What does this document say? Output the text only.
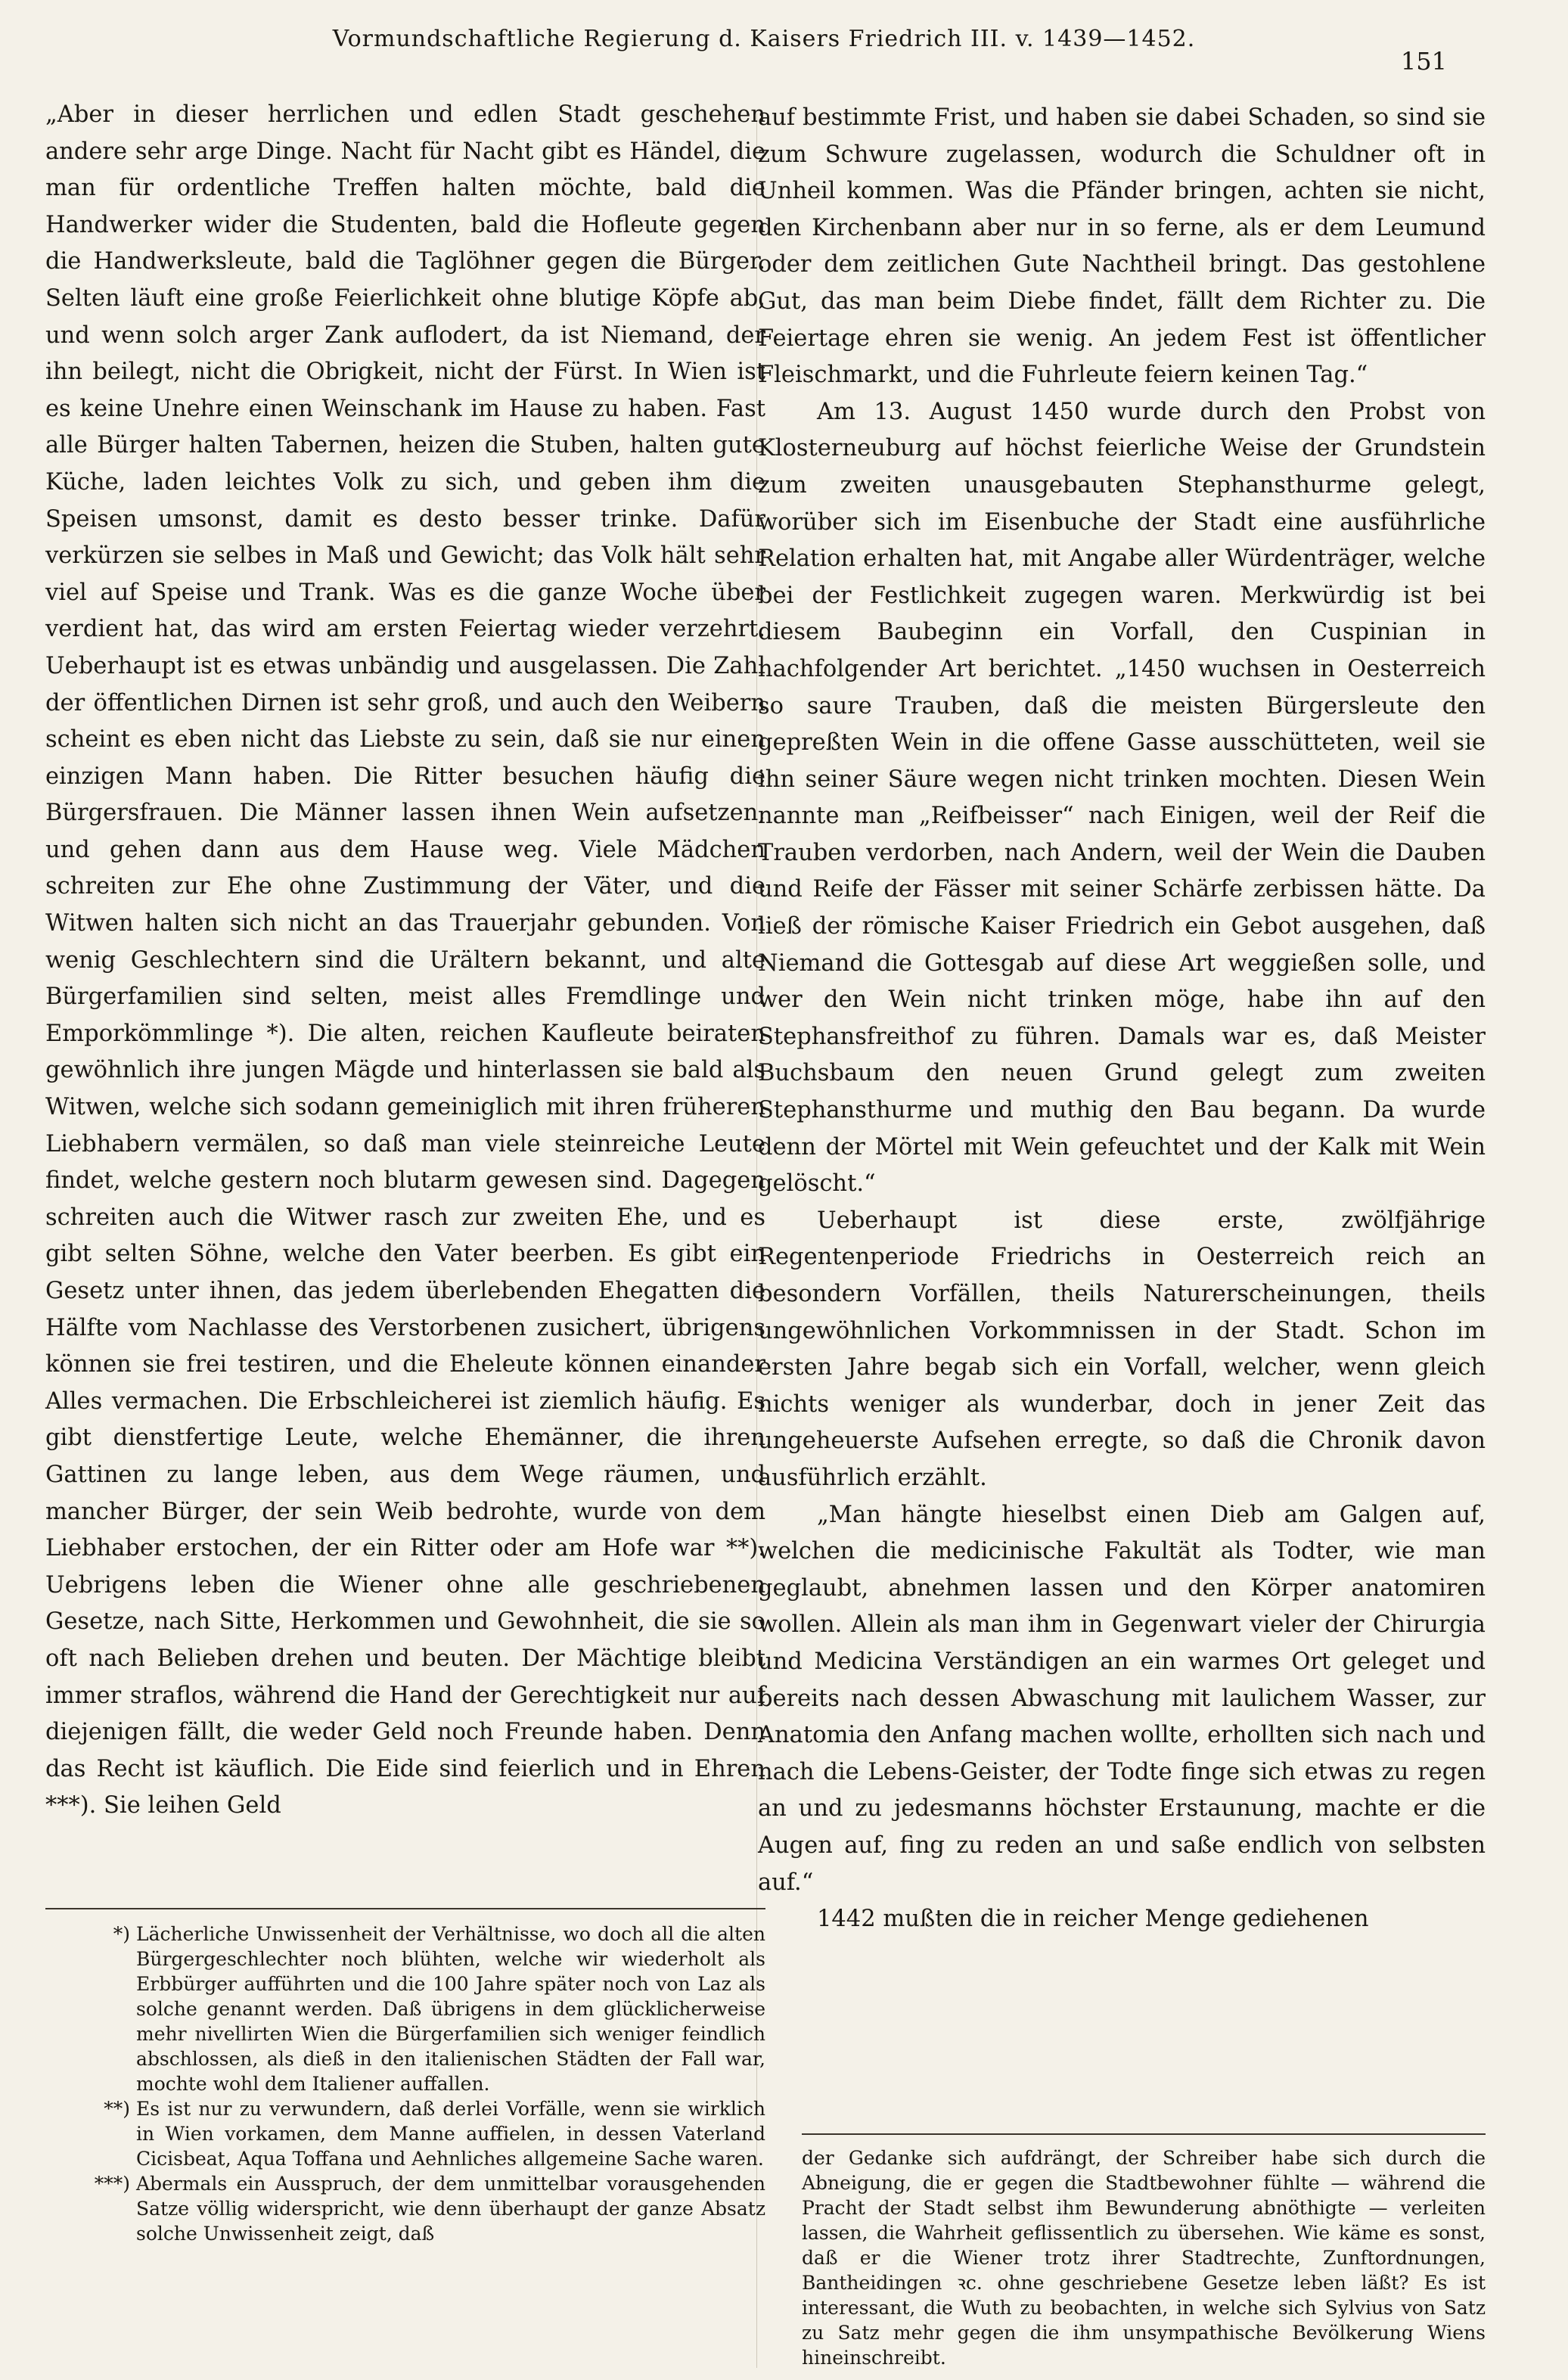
Vormundschaftliche Regierung d. Kaisers Friedrich III. v. 1439—1452.
151

„Aber in dieser herrlichen und edlen Stadt geschehen andere sehr arge Dinge. Nacht für Nacht gibt es Händel, die man für ordentliche Treffen halten möchte, bald die Handwerker wider die Studenten, bald die Hofleute gegen die Handwerksleute, bald die Taglöhner gegen die Bürger. Selten läuft eine große Feierlichkeit ohne blutige Köpfe ab, und wenn solch arger Zank auflodert, da ist Niemand, der ihn beilegt, nicht die Obrigkeit, nicht der Fürst. In Wien ist es keine Unehre einen Weinschank im Hause zu haben. Fast alle Bürger halten Tabernen, heizen die Stuben, halten gute Küche, laden leichtes Volk zu sich, und geben ihm die Speisen umsonst, damit es desto besser trinke. Dafür verkürzen sie selbes in Maß und Gewicht; das Volk hält sehr viel auf Speise und Trank. Was es die ganze Woche über verdient hat, das wird am ersten Feiertag wieder verzehrt. Ueberhaupt ist es etwas unbändig und ausgelassen. Die Zahl der öffentlichen Dirnen ist sehr groß, und auch den Weibern scheint es eben nicht das Liebste zu sein, daß sie nur einen einzigen Mann haben. Die Ritter besuchen häufig die Bürgersfrauen. Die Männer lassen ihnen Wein aufsetzen, und gehen dann aus dem Hause weg. Viele Mädchen schreiten zur Ehe ohne Zustimmung der Väter, und die Witwen halten sich nicht an das Trauerjahr gebunden. Von wenig Geschlechtern sind die Urältern bekannt, und alte Bürgerfamilien sind selten, meist alles Fremdlinge und Emporkömmlinge *). Die alten, reichen Kaufleute beiraten gewöhnlich ihre jungen Mägde und hinterlassen sie bald als Witwen, welche sich sodann gemeiniglich mit ihren früheren Liebhabern vermälen, so daß man viele steinreiche Leute findet, welche gestern noch blutarm gewesen sind. Dagegen schreiten auch die Witwer rasch zur zweiten Ehe, und es gibt selten Söhne, welche den Vater beerben. Es gibt ein Gesetz unter ihnen, das jedem überlebenden Ehegatten die Hälfte vom Nachlasse des Verstorbenen zusichert, übrigens können sie frei testiren, und die Eheleute können einander Alles vermachen. Die Erbschleicherei ist ziemlich häufig. Es gibt dienstfertige Leute, welche Ehemänner, die ihren Gattinen zu lange leben, aus dem Wege räumen, und mancher Bürger, der sein Weib bedrohte, wurde von dem Liebhaber erstochen, der ein Ritter oder am Hofe war **). Uebrigens leben die Wiener ohne alle geschriebenen Gesetze, nach Sitte, Herkommen und Gewohnheit, die sie so oft nach Belieben drehen und beuten. Der Mächtige bleibt immer straflos, während die Hand der Gerechtigkeit nur auf diejenigen fällt, die weder Geld noch Freunde haben. Denn das Recht ist käuflich. Die Eide sind feierlich und in Ehren ***). Sie leihen Geld

auf bestimmte Frist, und haben sie dabei Schaden, so sind sie zum Schwure zugelassen, wodurch die Schuldner oft in Unheil kommen. Was die Pfänder bringen, achten sie nicht, den Kirchenbann aber nur in so ferne, als er dem Leumund oder dem zeitlichen Gute Nachtheil bringt. Das gestohlene Gut, das man beim Diebe findet, fällt dem Richter zu. Die Feiertage ehren sie wenig. An jedem Fest ist öffentlicher Fleischmarkt, und die Fuhrleute feiern keinen Tag.“

Am 13. August 1450 wurde durch den Probst von Klosterneuburg auf höchst feierliche Weise der Grundstein zum zweiten unausgebauten Stephansthurme gelegt, worüber sich im Eisenbuche der Stadt eine ausführliche Relation erhalten hat, mit Angabe aller Würdenträger, welche bei der Festlichkeit zugegen waren. Merkwürdig ist bei diesem Baubeginn ein Vorfall, den Cuspinian in nachfolgender Art berichtet. „1450 wuchsen in Oesterreich so saure Trauben, daß die meisten Bürgersleute den gepreßten Wein in die offene Gasse ausschütteten, weil sie ihn seiner Säure wegen nicht trinken mochten. Diesen Wein nannte man „Reifbeisser“ nach Einigen, weil der Reif die Trauben verdorben, nach Andern, weil der Wein die Dauben und Reife der Fässer mit seiner Schärfe zerbissen hätte. Da ließ der römische Kaiser Friedrich ein Gebot ausgehen, daß Niemand die Gottesgab auf diese Art weggießen solle, und wer den Wein nicht trinken möge, habe ihn auf den Stephansfreithof zu führen. Damals war es, daß Meister Buchsbaum den neuen Grund gelegt zum zweiten Stephansthurme und muthig den Bau begann. Da wurde denn der Mörtel mit Wein gefeuchtet und der Kalk mit Wein gelöscht.“

Ueberhaupt ist diese erste, zwölfjährige Regentenperiode Friedrichs in Oesterreich reich an besondern Vorfällen, theils Naturerscheinungen, theils ungewöhnlichen Vorkommnissen in der Stadt. Schon im ersten Jahre begab sich ein Vorfall, welcher, wenn gleich nichts weniger als wunderbar, doch in jener Zeit das ungeheuerste Aufsehen erregte, so daß die Chronik davon ausführlich erzählt.

„Man hängte hieselbst einen Dieb am Galgen auf, welchen die medicinische Fakultät als Todter, wie man geglaubt, abnehmen lassen und den Körper anatomiren wollen. Allein als man ihm in Gegenwart vieler der Chirurgia und Medicina Verständigen an ein warmes Ort geleget und bereits nach dessen Abwaschung mit laulichem Wasser, zur Anatomia den Anfang machen wollte, erhollten sich nach und nach die Lebens-Geister, der Todte finge sich etwas zu regen an und zu jedesmanns höchster Erstaunung, machte er die Augen auf, fing zu reden an und saße endlich von selbsten auf.“

1442 mußten die in reicher Menge gediehenen

*) Lächerliche Unwissenheit der Verhältnisse, wo doch all die alten Bürgergeschlechter noch blühten, welche wir wiederholt als Erbbürger aufführten und die 100 Jahre später noch von Laz als solche genannt werden. Daß übrigens in dem glücklicherweise mehr nivellirten Wien die Bürgerfamilien sich weniger feindlich abschlossen, als dieß in den italienischen Städten der Fall war, mochte wohl dem Italiener auffallen.

**) Es ist nur zu verwundern, daß derlei Vorfälle, wenn sie wirklich in Wien vorkamen, dem Manne auffielen, in dessen Vaterland Cicisbeat, Aqua Toffana und Aehnliches allgemeine Sache waren.

***) Abermals ein Ausspruch, der dem unmittelbar vorausgehenden Satze völlig widerspricht, wie denn überhaupt der ganze Absatz solche Unwissenheit zeigt, daß

der Gedanke sich aufdrängt, der Schreiber habe sich durch die Abneigung, die er gegen die Stadtbewohner fühlte — während die Pracht der Stadt selbst ihm Bewunderung abnöthigte — verleiten lassen, die Wahrheit geflissentlich zu übersehen. Wie käme es sonst, daß er die Wiener trotz ihrer Stadtrechte, Zunftordnungen, Bantheidingen ꝛc. ohne geschriebene Gesetze leben läßt? Es ist interessant, die Wuth zu beobachten, in welche sich Sylvius von Satz zu Satz mehr gegen die ihm unsympathische Bevölkerung Wiens hineinschreibt.
